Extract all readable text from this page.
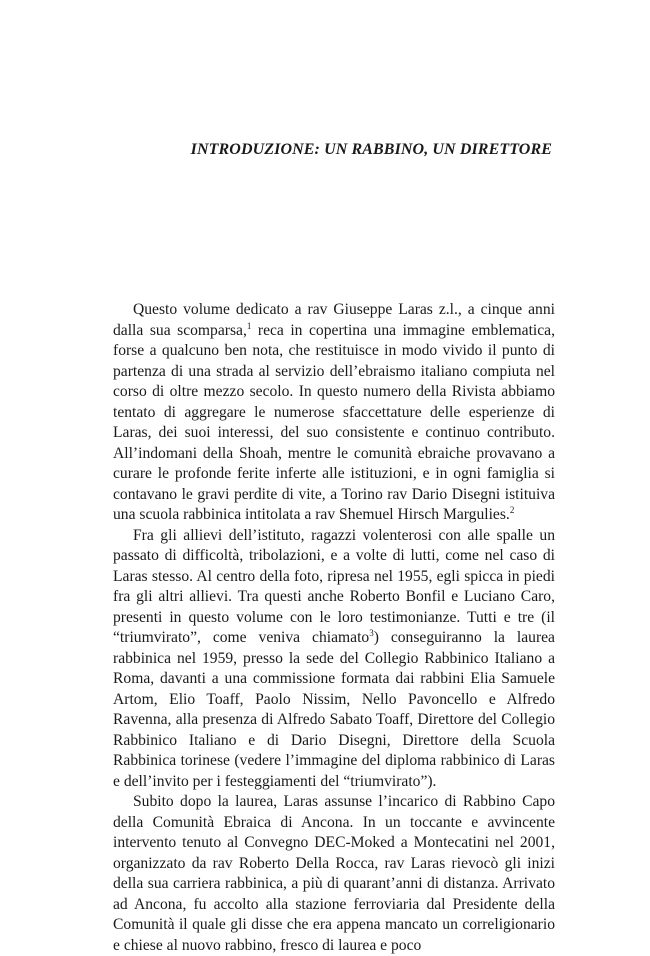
INTRODUZIONE: UN RABBINO, UN DIRETTORE

Questo volume dedicato a rav Giuseppe Laras z.l., a cinque anni dalla sua scomparsa,$^1$ reca in copertina una immagine emblematica, forse a qualcuno ben nota, che restituisce in modo vivido il punto di partenza di una strada al servizio dell’ebraismo italiano compiuta nel corso di oltre mezzo secolo. In questo numero della Rivista abbiamo tentato di aggregare le numerose sfaccettature delle esperienze di Laras, dei suoi interessi, del suo consistente e continuo contributo. All’indomani della Shoah, mentre le comunità ebraiche provavano a curare le profonde ferite inferte alle istituzioni, e in ogni famiglia si contavano le gravi perdite di vite, a Torino rav Dario Disegni istituiva una scuola rabbinica intitolata a rav Shemuel Hirsch Margulies.$^2$

Fra gli allievi dell’istituto, ragazzi volenterosi con alle spalle un passato di difficoltà, tribolazioni, e a volte di lutti, come nel caso di Laras stesso. Al centro della foto, ripresa nel 1955, egli spicca in piedi fra gli altri allievi. Tra questi anche Roberto Bonfil e Luciano Caro, presenti in questo volume con le loro testimonianze. Tutti e tre (il “triumvirato”, come veniva chiamato$^3$) conseguiranno la laurea rabbinica nel 1959, presso la sede del Collegio Rabbinico Italiano a Roma, davanti a una commissione formata dai rabbini Elia Samuele Artom, Elio Toaff, Paolo Nissim, Nello Pavoncello e Alfredo Ravenna, alla presenza di Alfredo Sabato Toaff, Direttore del Collegio Rabbinico Italiano e di Dario Disegni, Direttore della Scuola Rabbinica torinese (vedere l’immagine del diploma rabbinico di Laras e dell’invito per i festeggiamenti del “triumvirato”).

Subito dopo la laurea, Laras assunse l’incarico di Rabbino Capo della Comunità Ebraica di Ancona. In un toccante e avvincente intervento tenuto al Convegno DEC-Moked a Montecatini nel 2001, organizzato da rav Roberto Della Rocca, rav Laras rievocò gli inizi della sua carriera rabbinica, a più di quarant’anni di distanza. Arrivato ad Ancona, fu accolto alla stazione ferroviaria dal Presidente della Comunità il quale gli disse che era appena mancato un correligionario e chiese al nuovo rabbino, fresco di laurea e poco
